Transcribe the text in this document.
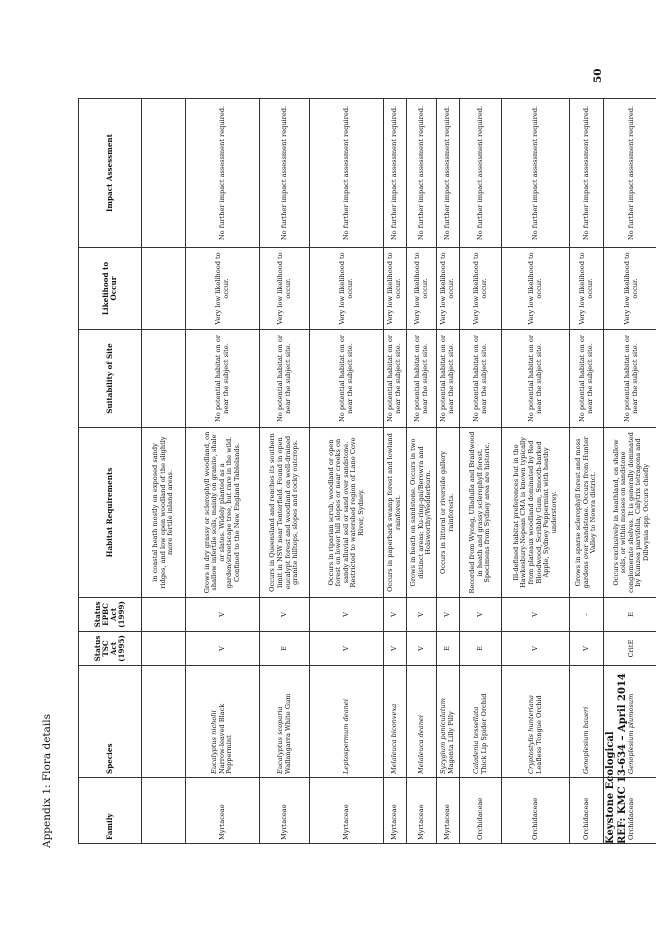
Appendix 1: Flora details	Family	Species	Status TSC Act (1995)	Status EPBC Act (1999)	Habitat Requirements	Suitability of Site	Likelihood to Occur	Impact Assessment

			in coastal heath mostly on exposed sandy ridges, and low open woodland of the slightly more fertile inland areas.			
Myrtaceae	Eucalyptus nicholii Narrow-leaved Black Peppermint	V	V	Grows in dry grassy or sclerophyll woodland, on shallow infertile soils, mainly on granite, shale or slates. Widely planted as a garden/streetscape tree, but rare in the wild. Confined to the New England Tablelands.	No potential habitat on or near the subject site.	Very low likelihood to occur.	No further impact assessment required.
Myrtaceae	Eucalyptus scoparia Wallangarra White Gum	E	V	Occurs in Queensland and reaches its southern limit in NSW near Tenterfield. Found in open eucalypt forest and woodland on well-drained granite hilltops, slopes and rocky outcrops.	No potential habitat on or near the subject site.	Very low likelihood to occur.	No further impact assessment required.
Myrtaceae	Leptospermum deanei	V	V	Occurs in riparian scrub, woodland or open forest on lower hill slopes or near creeks on sandy alluvial soil or sand over sandstone. Restricted to watershed region of Lane Cove River, Sydney.	No potential habitat on or near the subject site.	Very low likelihood to occur.	No further impact assessment required.
Myrtaceae	Melaleuca biconvexa	V	V	Occurs in paperbark swamp forest and lowland rainforest.	No potential habitat on or near the subject site.	Very low likelihood to occur.	No further impact assessment required.
Myrtaceae	Melaleuca deanei	V	V	Grows in heath on sandstone. Occurs in two distinct areas: Ku-ring-gai/Berowra and Holsworthy/Wedderburn.	No potential habitat on or near the subject site.	Very low likelihood to occur.	No further impact assessment required.
Myrtaceae	Syzygium paniculatum Magenta Lilly Pilly	E	V	Occurs in littoral or riverside gallery rainforests.	No potential habitat on or near the subject site.	Very low likelihood to occur.	No further impact assessment required.
Orchidaceae	Caladenia tessellata Thick Lip Spider Orchid	E	V	Recorded from Wyong, Ulladulla and Braidwood in heath and grassy sclerophyll forest. Specimens from Sydney area are historic.	No potential habitat on or near the subject site.	Very low likelihood to occur.	No further impact assessment required.
Orchidaceae	Cryptostylis hunteriana Leafless Tongue Orchid	V	V	Ill-defined habitat preferences but in the Hawkesbury-Nepean CMA is known typically from plateaux woodland dominated by Red Bloodwood, Scribbly Gum, Smooth-barked Apple, Sydney Peppermint with heathy understorey.	No potential habitat on or near the subject site.	Very low likelihood to occur.	No further impact assessment required.
Orchidaceae	Genoplesium baueri	V	-	Grows in sparse sclerophyll forest and moss gardens over sandstone. Occurs from Hunter Valley to Nowra district.	No potential habitat on or near the subject site.	Very low likelihood to occur.	No further impact assessment required.
Orchidaceae	Genoplesium plumosum	CritE	E	Occurs exclusively in heathland, on shallow soils, or within mosses on sandstone conglomerate shelves. It is generally dominated by Kunzea parvifolia, Calytrix tetragona and Dillwynia spp. Occurs chiefly	No potential habitat on or near the subject site.	Very low likelihood to occur.	No further impact assessment required.
Keystone Ecological REF: KMC 13-634 – April 2014
50
